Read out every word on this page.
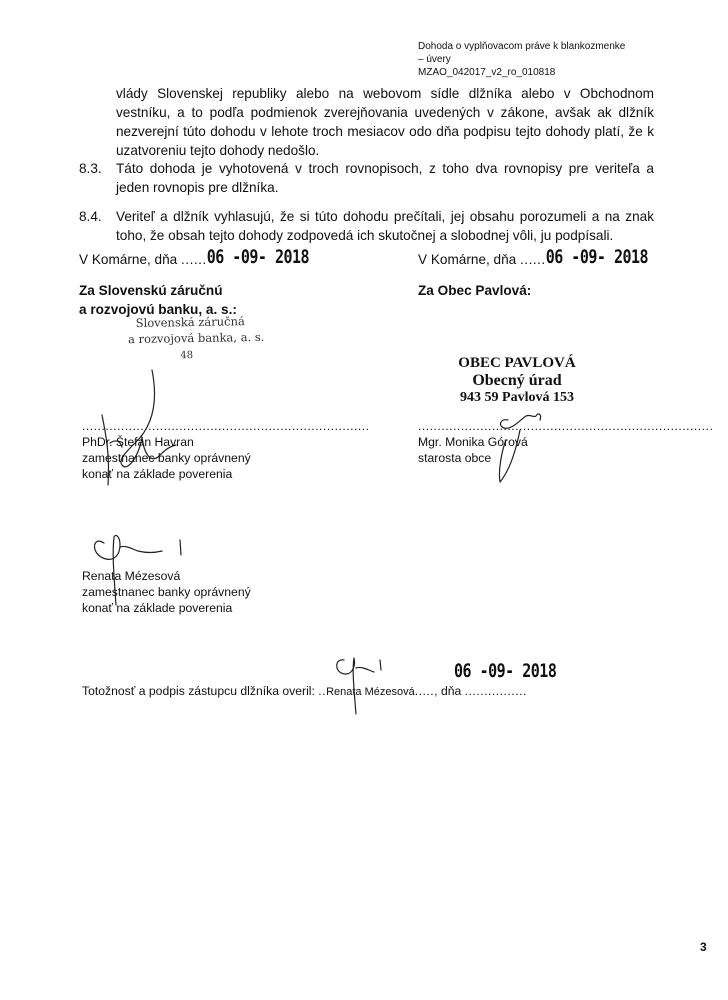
Dohoda o vyplňovacom práve k blankozmenke
– úvery
MZAO_042017_v2_ro_010818
vlády Slovenskej republiky alebo na webovom sídle dlžníka alebo v Obchodnom vestníku, a to podľa podmienok zverejňovania uvedených v zákone, avšak ak dlžník nezverejní túto dohodu v lehote troch mesiacov odo dňa podpisu tejto dohody platí, že k uzatvoreniu tejto dohody nedošlo.
8.3. Táto dohoda je vyhotovená v troch rovnopisoch, z toho dva rovnopisy pre veriteľa a jeden rovnopis pre dlžníka.
8.4. Veriteľ a dlžník vyhlasujú, že si túto dohodu prečítali, jej obsahu porozumeli a na znak toho, že obsah tejto dohody zodpovedá ich skutočnej a slobodnej vôli, ju podpísali.
V Komárne, dňa ......06 -09- 2018	V Komárne, dňa ......06 -09- 2018
Za Slovenskú záručnú
a rozvojovú banku, a. s.:
Slovenská záručná
a rozvojová banka, a. s.
48
..........................................................................
PhDr. Štefan Havran
zamestnanec banky oprávnený
konať na základe poverenia
Renata Mézesová
zamestnanec banky oprávnený
konať na základe poverenia
Za Obec Pavlová:
OBEC PAVLOVÁ
Obecný úrad
943 59 Pavlová 153
............................................................................
Mgr. Monika Górová
starosta obce
Totožnosť a podpis zástupcu dlžníka overil: ..Renata Mézesová....., dňa ................
06 -09- 2018
3
